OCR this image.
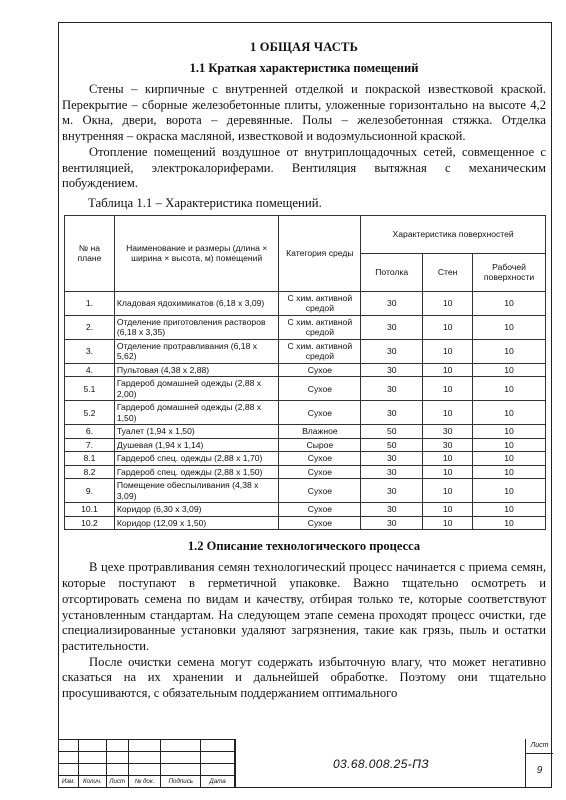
1 ОБЩАЯ ЧАСТЬ
1.1 Краткая характеристика помещений

Стены – кирпичные с внутренней отделкой и покраской известковой краской. Перекрытие – сборные железобетонные плиты, уложенные горизонтально на высоте 4,2 м. Окна, двери, ворота – деревянные. Полы – железобетонная стяжка. Отделка внутренняя – окраска масляной, известковой и водоэмульсионной краской.

Отопление помещений воздушное от внутриплощадочных сетей, совмещенное с вентиляцией, электрокалориферами. Вентиляция вытяжная с механическим побуждением.

Таблица 1.1 – Характеристика помещений.
№ на плане	Наименование и размеры (длина × ширина × высота, м) помещений	Категория среды	Характеристика поверхностей		
			Потолка	Стен	Рабочей поверхности
1.	Кладовая ядохимикатов (6,18 х 3,09)	С хим. активной средой	30	10	10
2.	Отделение приготовления растворов (6,18 х 3,35)	С хим. активной средой	30	10	10
3.	Отделение протравливания (6,18 х 5,62)	С хим. активной средой	30	10	10
4.	Пультовая (4,38 х 2,88)	Сухое	30	10	10
5.1	Гардероб домашней одежды (2,88 х 2,00)	Сухое	30	10	10
5.2	Гардероб домашней одежды (2,88 х 1,50)	Сухое	30	10	10
6.	Туалет (1,94 х 1,50)	Влажное	50	30	10
7.	Душевая (1,94 х 1,14)	Сырое	50	30	10
8.1	Гардероб спец. одежды (2,88 х 1,70)	Сухое	30	10	10
8.2	Гардероб спец. одежды (2,88 х 1,50)	Сухое	30	10	10
9.	Помещение обеспыливания (4,38 х 3,09)	Сухое	30	10	10
10.1	Коридор (6,30 х 3,09)	Сухое	30	10	10
10.2	Коридор (12,09 х 1,50)	Сухое	30	10	10
1.2 Описание технологического процесса

В цехе протравливания семян технологический процесс начинается с приема семян, которые поступают в герметичной упаковке. Важно тщательно осмотреть и отсортировать семена по видам и качеству, отбирая только те, которые соответствуют установленным стандартам. На следующем этапе семена проходят процесс очистки, где специализированные установки удаляют загрязнения, такие как грязь, пыль и остатки растительности.

После очистки семена могут содержать избыточную влагу, что может негативно сказаться на их хранении и дальнейшей обработке. Поэтому они тщательно просушиваются, с обязательным поддержанием оптимального

Изм.	Колич.	Лист	№ док.	Подпись	Дата
03.68.008.25-ПЗ
Лист
9
